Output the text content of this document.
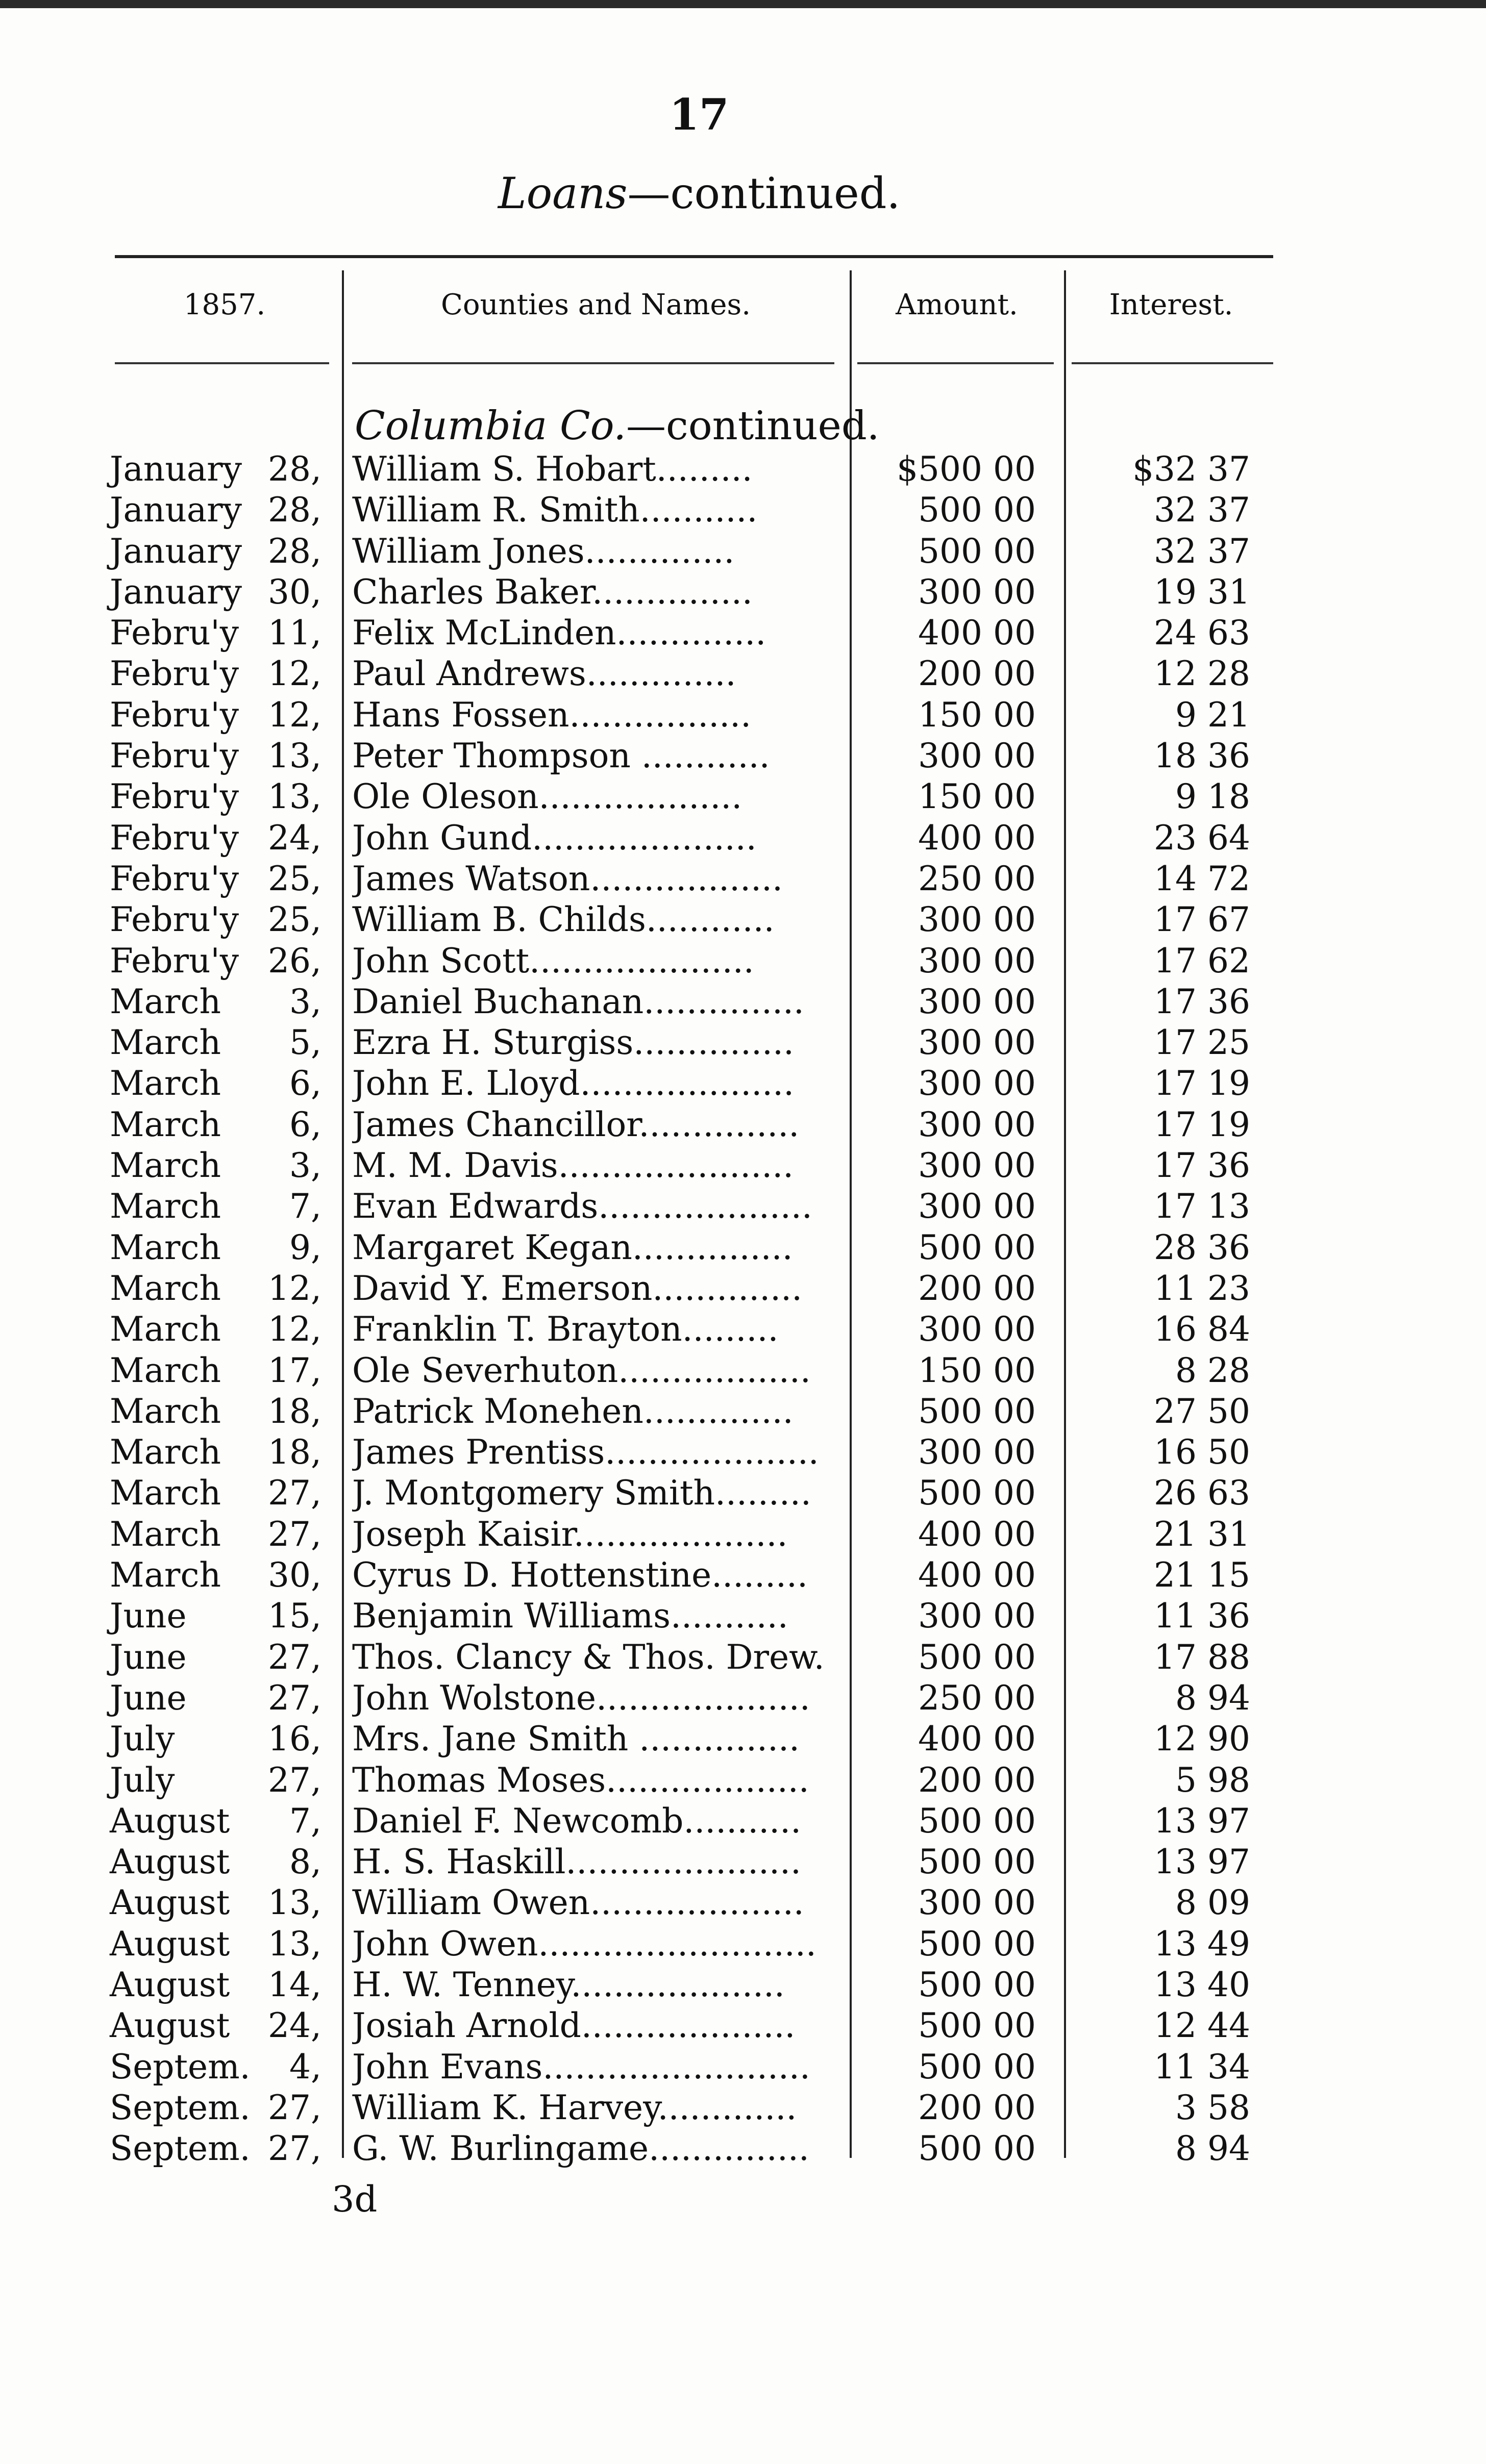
17
Loans—continued.
1857.	Counties and Names.	Amount.	Interest.
Columbia Co.—continued.
January 28, William S. Hobart.........	$500 00	$32 37
January 28, William R. Smith...........	500 00	32 37
January 28, William Jones..............	500 00	32 37
January 30, Charles Baker...............	300 00	19 31
Febru'y 11, Felix McLinden..............	400 00	24 63
Febru'y 12, Paul Andrews..............	200 00	12 28
Febru'y 12, Hans Fossen.................	150 00	9 21
Febru'y 13, Peter Thompson ............	300 00	18 36
Febru'y 13, Ole Oleson...................	150 00	9 18
Febru'y 24, John Gund.....................	400 00	23 64
Febru'y 25, James Watson..................	250 00	14 72
Febru'y 25, William B. Childs............	300 00	17 67
Febru'y 26, John Scott.....................	300 00	17 62
March	3, Daniel Buchanan...............	300 00	17 36
March	5, Ezra H. Sturgiss...............	300 00	17 25
March	6, John E. Lloyd....................	300 00	17 19
March	6, James Chancillor...............	300 00	17 19
March	3, M. M. Davis......................	300 00	17 36
March	7, Evan Edwards....................	300 00	17 13
March	9, Margaret Kegan...............	500 00	28 36
March	12, David Y. Emerson..............	200 00	11 23
March	12, Franklin T. Brayton.........	300 00	16 84
March	17, Ole Severhuton..................	150 00	8 28
March	18, Patrick Monehen..............	500 00	27 50
March	18, James Prentiss....................	300 00	16 50
March	27, J. Montgomery Smith.........	500 00	26 63
March	27, Joseph Kaisir....................	400 00	21 31
March	30, Cyrus D. Hottenstine.........	400 00	21 15
June	15, Benjamin Williams...........	300 00	11 36
June	27, Thos. Clancy & Thos. Drew.	500 00	17 88
June	27, John Wolstone....................	250 00	8 94
July	16, Mrs. Jane Smith ...............	400 00	12 90
July	27, Thomas Moses...................	200 00	5 98
August	7, Daniel F. Newcomb...........	500 00	13 97
August	8, H. S. Haskill......................	500 00	13 97
August	13, William Owen....................	300 00	8 09
August	13, John Owen..........................	500 00	13 49
August	14, H. W. Tenney....................	500 00	13 40
August	24, Josiah Arnold....................	500 00	12 44
Septem.	4, John Evans.........................	500 00	11 34
Septem. 27, William K. Harvey.............	200 00	3 58
Septem. 27, G. W. Burlingame...............	500 00	8 94
3d
